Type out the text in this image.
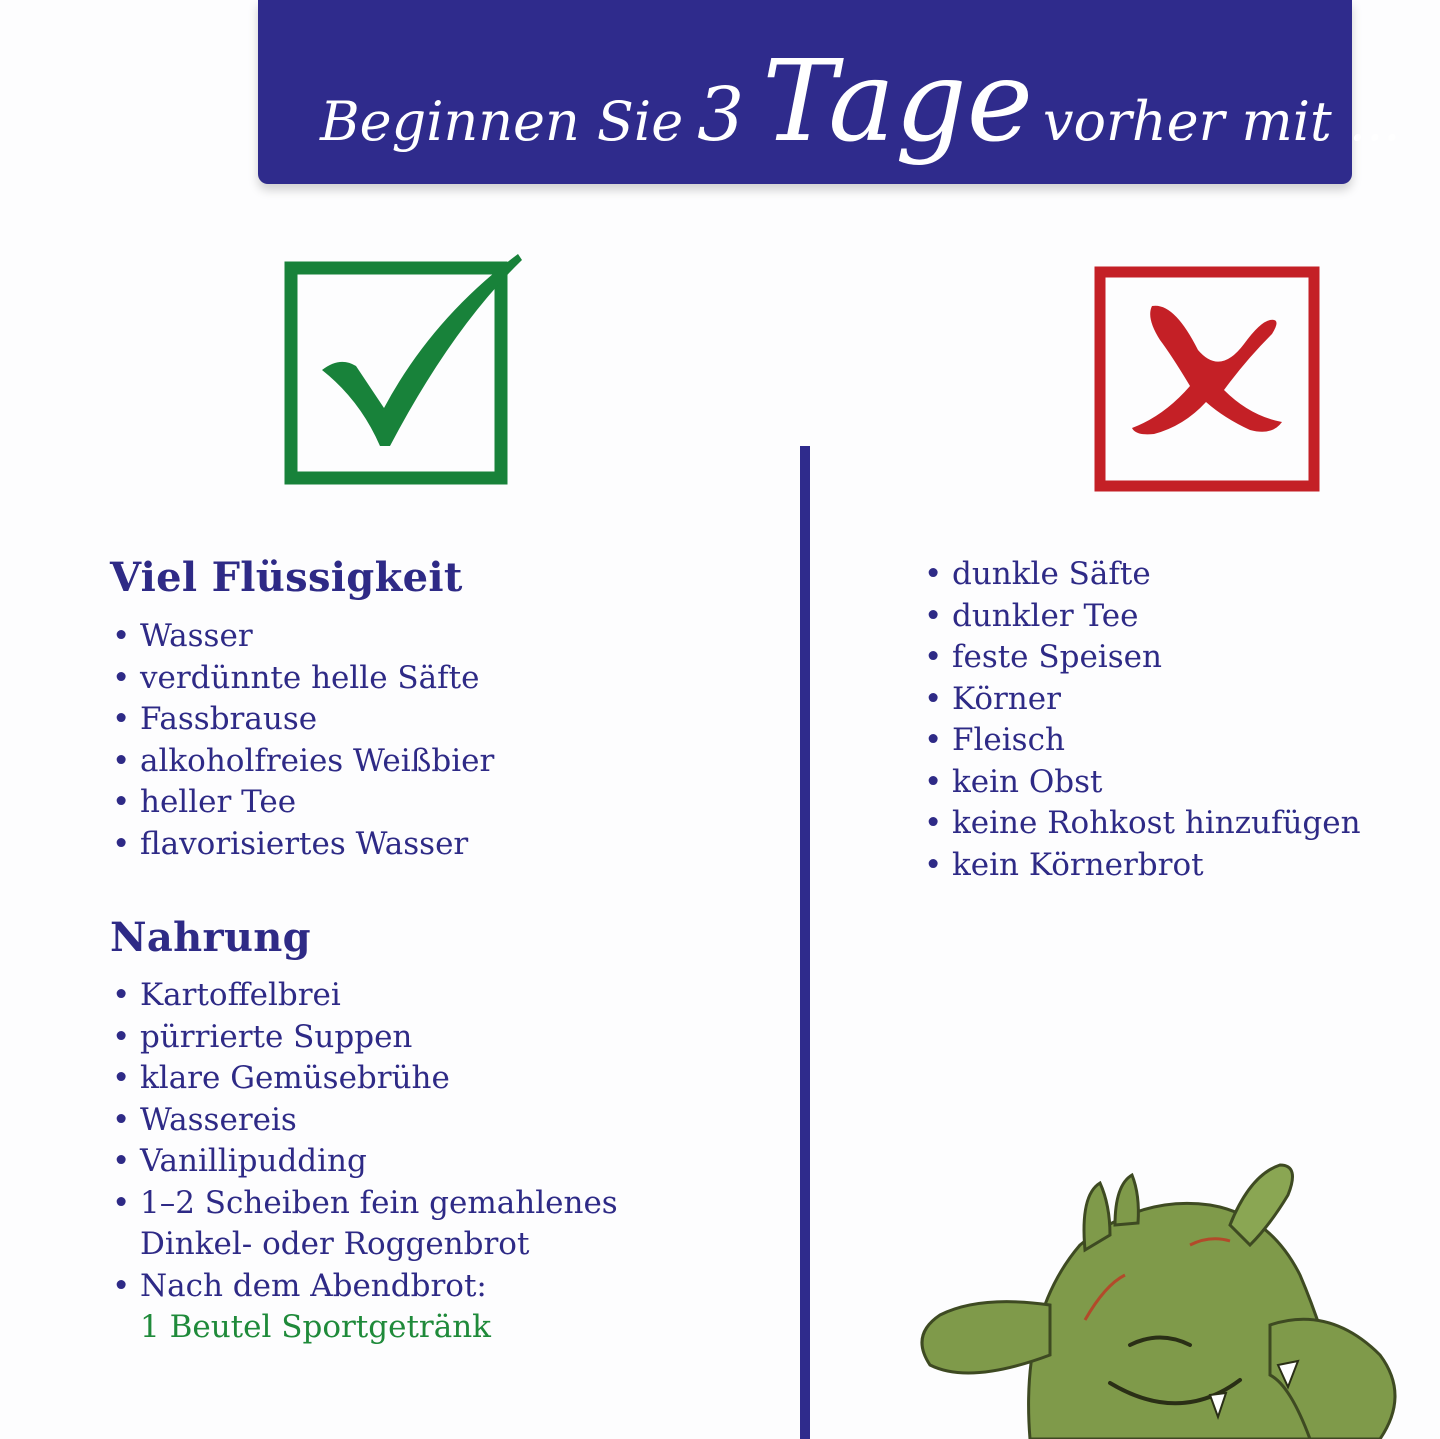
Beginnen Sie 3 Tage vorher mit ...
Viel Flüssigkeit
• Wasser
• verdünnte helle Säfte
• Fassbrause
• alkoholfreies Weißbier
• heller Tee
• flavorisiertes Wasser
Nahrung
• Kartoffelbrei
• pürrierte Suppen
• klare Gemüsebrühe
• Wassereis
• Vanillipudding
• 1–2 Scheiben fein gemahlenes
Dinkel- oder Roggenbrot
• Nach dem Abendbrot:
1 Beutel Sportgetränk
• dunkle Säfte
• dunkler Tee
• feste Speisen
• Körner
• Fleisch
• kein Obst
• keine Rohkost hinzufügen
• kein Körnerbrot
